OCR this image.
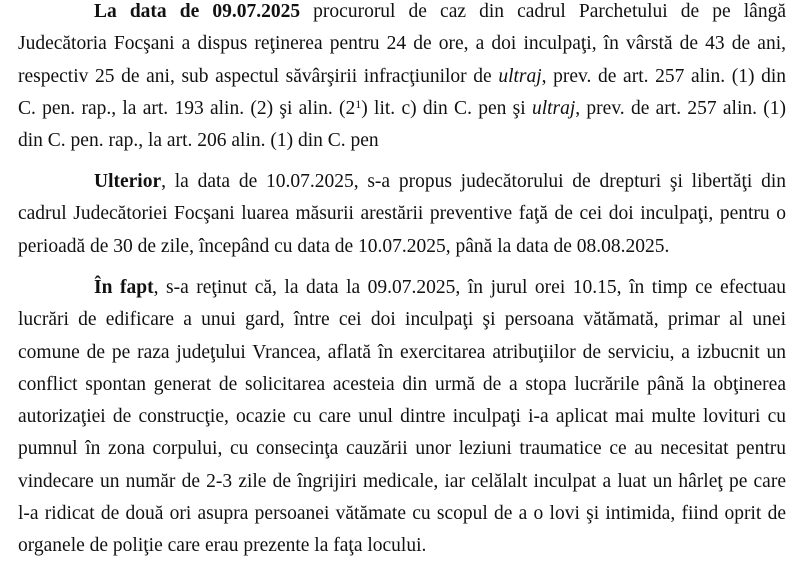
La data de 09.07.2025 procurorul de caz din cadrul Parchetului de pe lângă
Judecătoria Focşani a dispus reţinerea pentru 24 de ore, a doi inculpaţi, în vârstă de 43 de ani,
respectiv 25 de ani, sub aspectul săvârşirii infracţiunilor de ultraj, prev. de art. 257 alin. (1) din
C. pen. rap., la art. 193 alin. (2) şi alin. $(2^1)$ lit. c) din C. pen şi ultraj, prev. de art. 257 alin. (1)
din C. pen. rap., la art. 206 alin. (1) din C. pen
Ulterior, la data de 10.07.2025, s-a propus judecătorului de drepturi şi libertăţi din
cadrul Judecătoriei Focşani luarea măsurii arestării preventive faţă de cei doi inculpaţi, pentru o
perioadă de 30 de zile, începând cu data de 10.07.2025, până la data de 08.08.2025.
În fapt, s-a reţinut că, la data la 09.07.2025, în jurul orei 10.15, în timp ce efectuau
lucrări de edificare a unui gard, între cei doi inculpaţi şi persoana vătămată, primar al unei
comune de pe raza judeţului Vrancea, aflată în exercitarea atribuţiilor de serviciu, a izbucnit un
conflict spontan generat de solicitarea acesteia din urmă de a stopa lucrările până la obţinerea
autorizaţiei de construcţie, ocazie cu care unul dintre inculpaţi i-a aplicat mai multe lovituri cu
pumnul în zona corpului, cu consecinţa cauzării unor leziuni traumatice ce au necesitat pentru
vindecare un număr de 2-3 zile de îngrijiri medicale, iar celălalt inculpat a luat un hârleţ pe care
l-a ridicat de două ori asupra persoanei vătămate cu scopul de a o lovi şi intimida, fiind oprit de
organele de poliţie care erau prezente la faţa locului.
